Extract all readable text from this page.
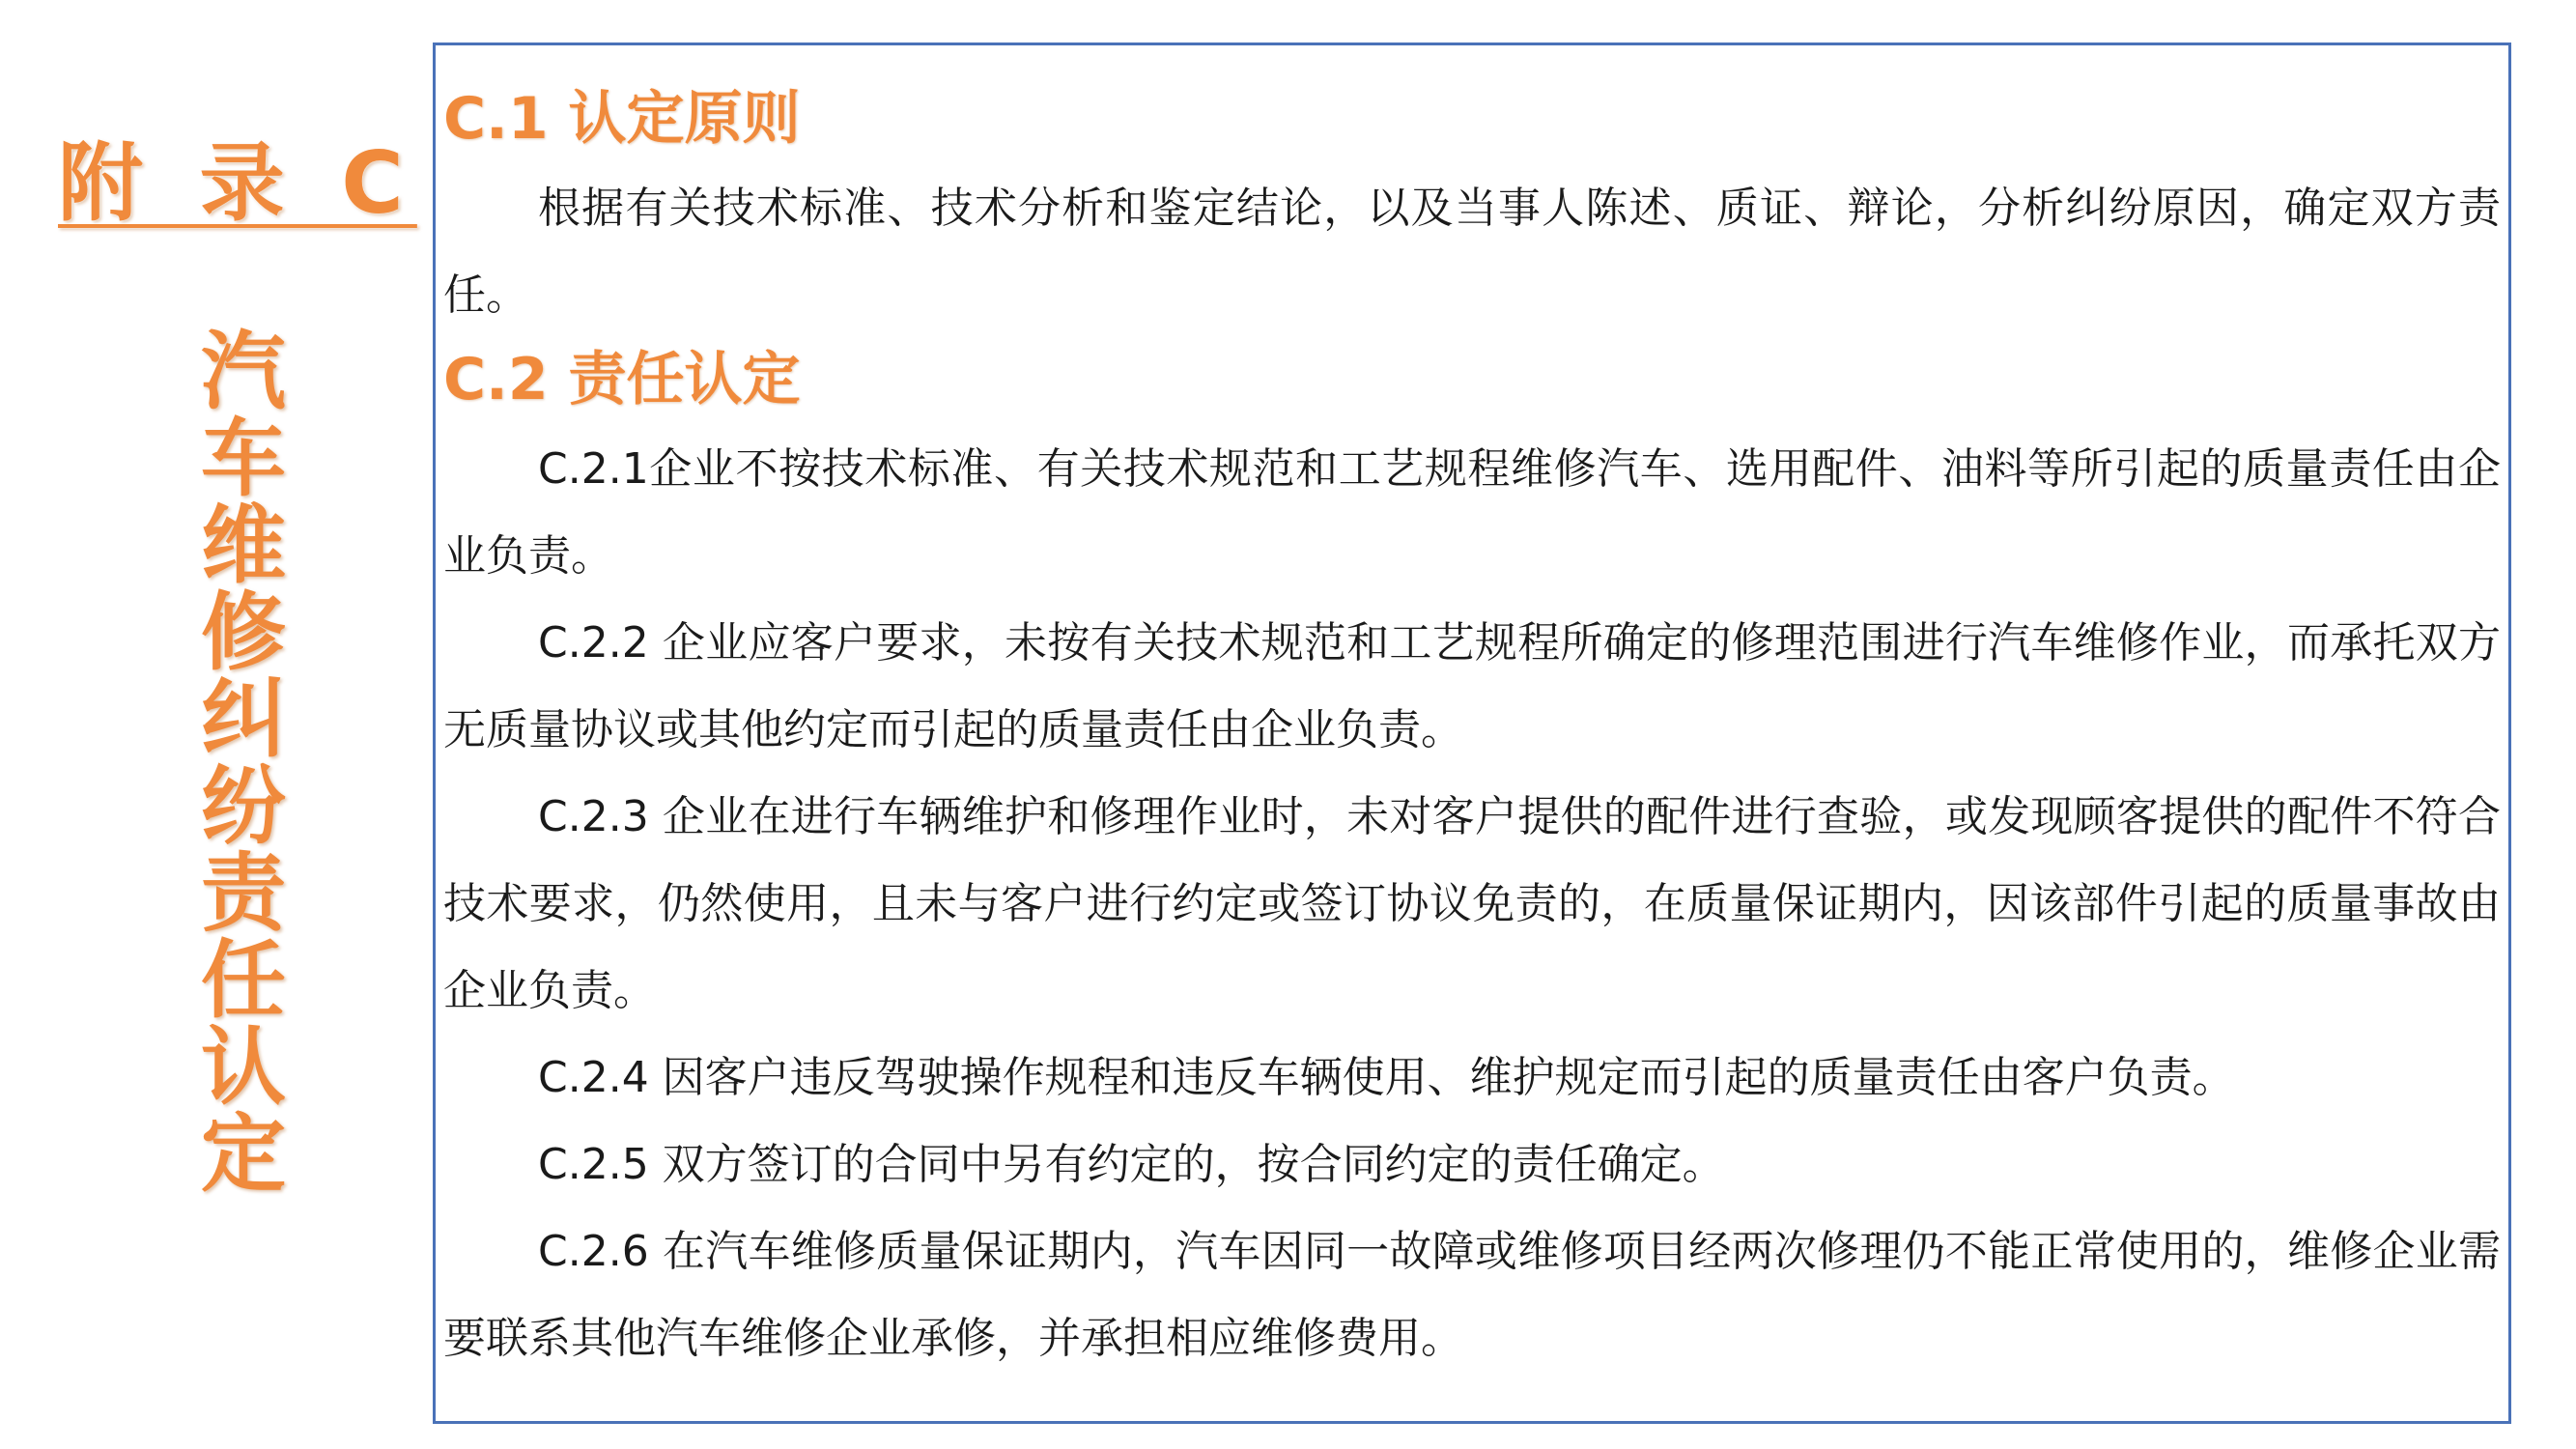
附 录 C
汽车维修纠纷责任认定
C.1 认定原则

根据有关技术标准、技术分析和鉴定结论，以及当事人陈述、质证、辩论，分析纠纷原因，确定双方责任。

C.2 责任认定

C.2.1企业不按技术标准、有关技术规范和工艺规程维修汽车、选用配件、油料等所引起的质量责任由企业负责。

C.2.2 企业应客户要求，未按有关技术规范和工艺规程所确定的修理范围进行汽车维修作业，而承托双方无质量协议或其他约定而引起的质量责任由企业负责。

C.2.3 企业在进行车辆维护和修理作业时，未对客户提供的配件进行查验，或发现顾客提供的配件不符合技术要求，仍然使用，且未与客户进行约定或签订协议免责的，在质量保证期内，因该部件引起的质量事故由企业负责。

C.2.4 因客户违反驾驶操作规程和违反车辆使用、维护规定而引起的质量责任由客户负责。

C.2.5 双方签订的合同中另有约定的，按合同约定的责任确定。

C.2.6 在汽车维修质量保证期内，汽车因同一故障或维修项目经两次修理仍不能正常使用的，维修企业需要联系其他汽车维修企业承修，并承担相应维修费用。
